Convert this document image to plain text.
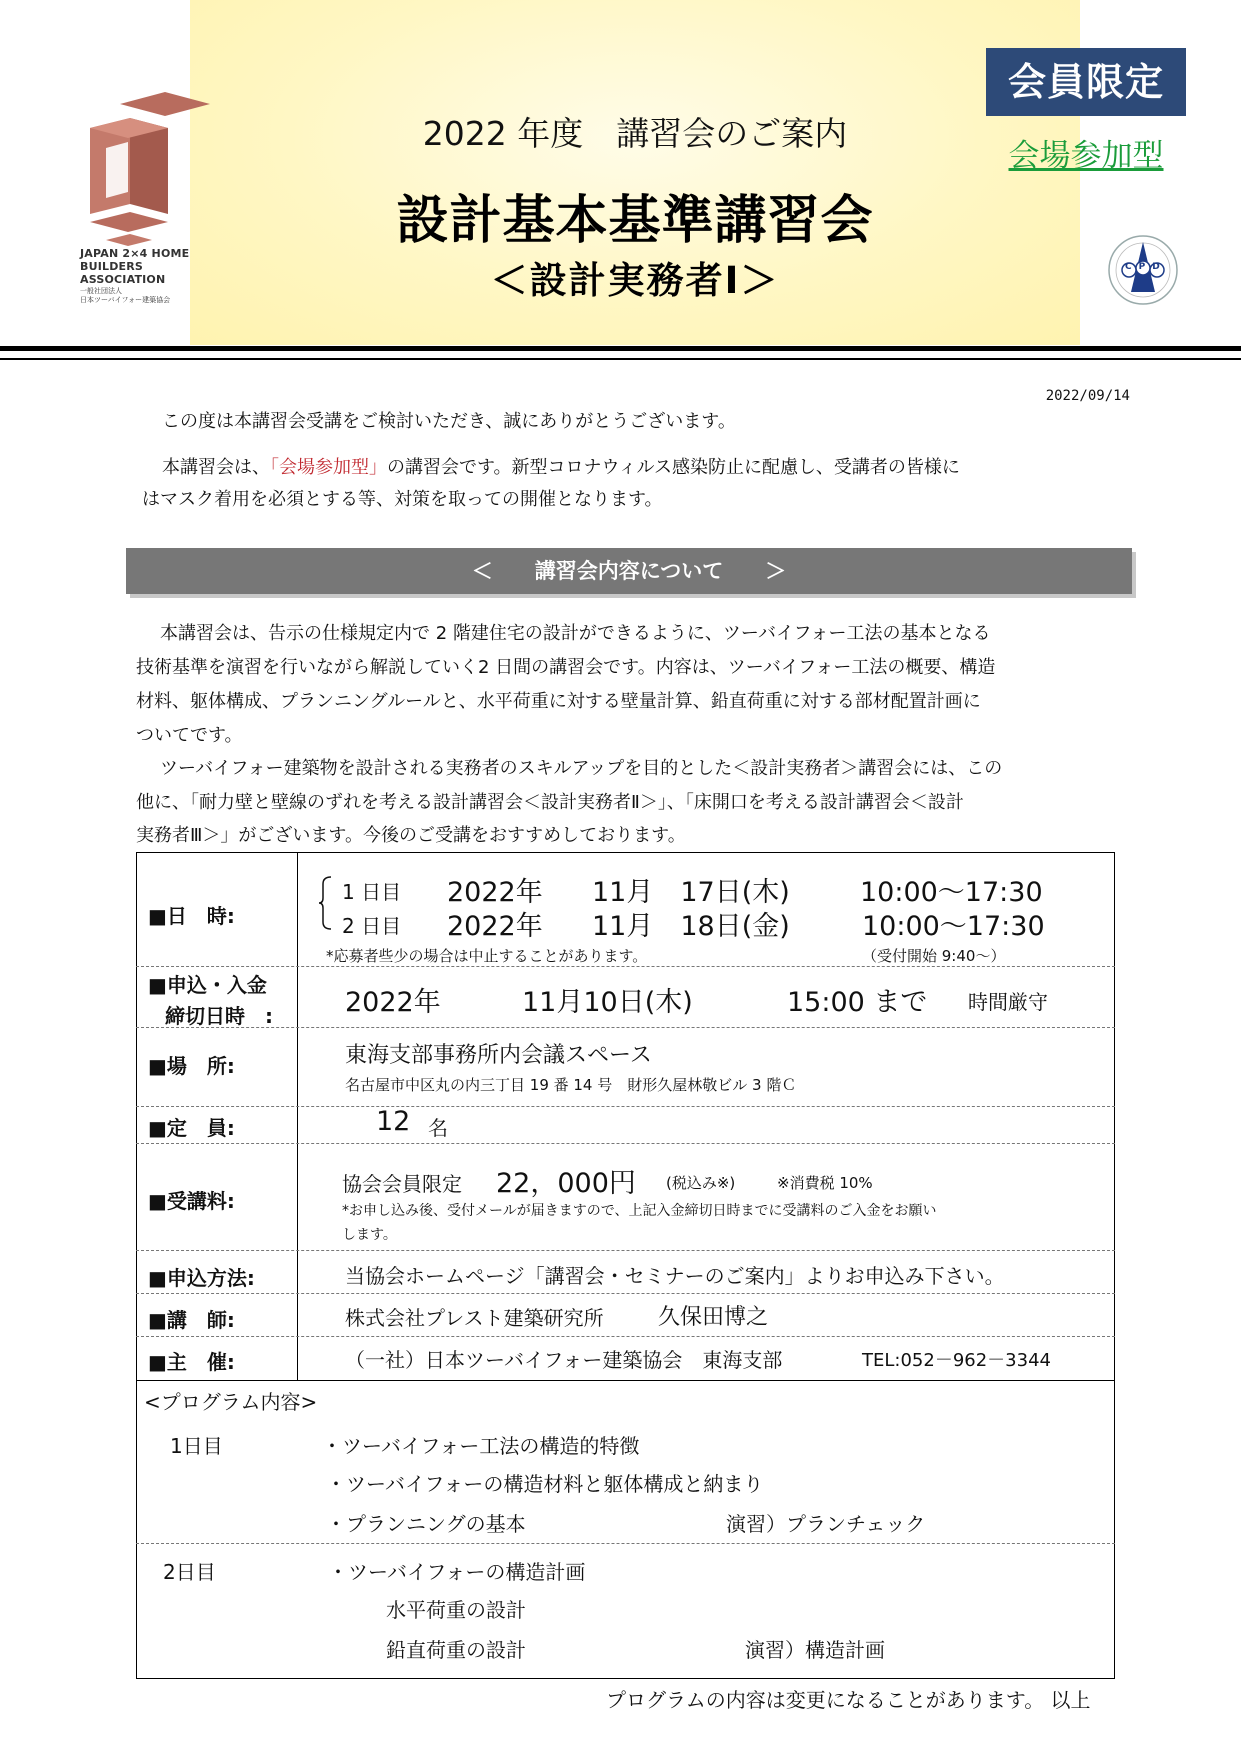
JAPAN 2×4 HOME
BUILDERS
ASSOCIATION
一般社団法人
日本ツーバイフォー建築協会
2022 年度　講習会のご案内
設計基本基準講習会
＜設計実務者Ⅰ＞
会員限定
会場参加型
CPD
2022/09/14
この度は本講習会受講をご検討いただき、誠にありがとうございます。
本講習会は、「会場参加型」の講習会です。新型コロナウィルス感染防止に配慮し、受講者の皆様に
はマスク着用を必須とする等、対策を取っての開催となります。
＜　　講習会内容について　　＞
本講習会は、告示の仕様規定内で 2 階建住宅の設計ができるように、ツーバイフォー工法の基本となる
技術基準を演習を行いながら解説していく2 日間の講習会です。内容は、ツーバイフォー工法の概要、構造
材料、躯体構成、プランニングルールと、水平荷重に対する壁量計算、鉛直荷重に対する部材配置計画に
ついてです。
ツーバイフォー建築物を設計される実務者のスキルアップを目的とした＜設計実務者＞講習会には、この
他に、「耐力壁と壁線のずれを考える設計講習会＜設計実務者Ⅱ＞」、「床開口を考える設計講習会＜設計
実務者Ⅲ＞」がございます。今後のご受講をおすすめしております。
■日　時:
1 日目 2022年 11月　17日(木)	10:00〜17:30
2 日目 2022年 11月　18日(金)	10:00〜17:30
*応募者些少の場合は中止することがあります。	（受付開始 9:40〜）
■申込・入金
締切日時　:	2022年	11月10日(木)	15:00 まで 時間厳守
■場　所:	東海支部事務所内会議スペース
名古屋市中区丸の内三丁目 19 番 14 号　財形久屋林敬ビル 3 階Ｃ
■定　員:	12 名
■受講料:
協会会員限定 22，000円 (税込み※)	※消費税 10%
*お申し込み後、受付メールが届きますので、上記入金締切日時までに受講料のご入金をお願い
します。
■申込方法:	当協会ホームページ「講習会・セミナーのご案内」よりお申込み下さい。
■講　師:	株式会社プレスト建築研究所 久保田博之
■主　催:	（一社）日本ツーバイフォー建築協会　東海支部	TEL:052－962－3344
<プログラム内容>
1日目	・ツーバイフォー工法の構造的特徴
・ツーバイフォーの構造材料と躯体構成と納まり
・プランニングの基本	演習）プランチェック
2日目	・ツーバイフォーの構造計画
水平荷重の設計
鉛直荷重の設計	演習）構造計画
プログラムの内容は変更になることがあります。 以上
